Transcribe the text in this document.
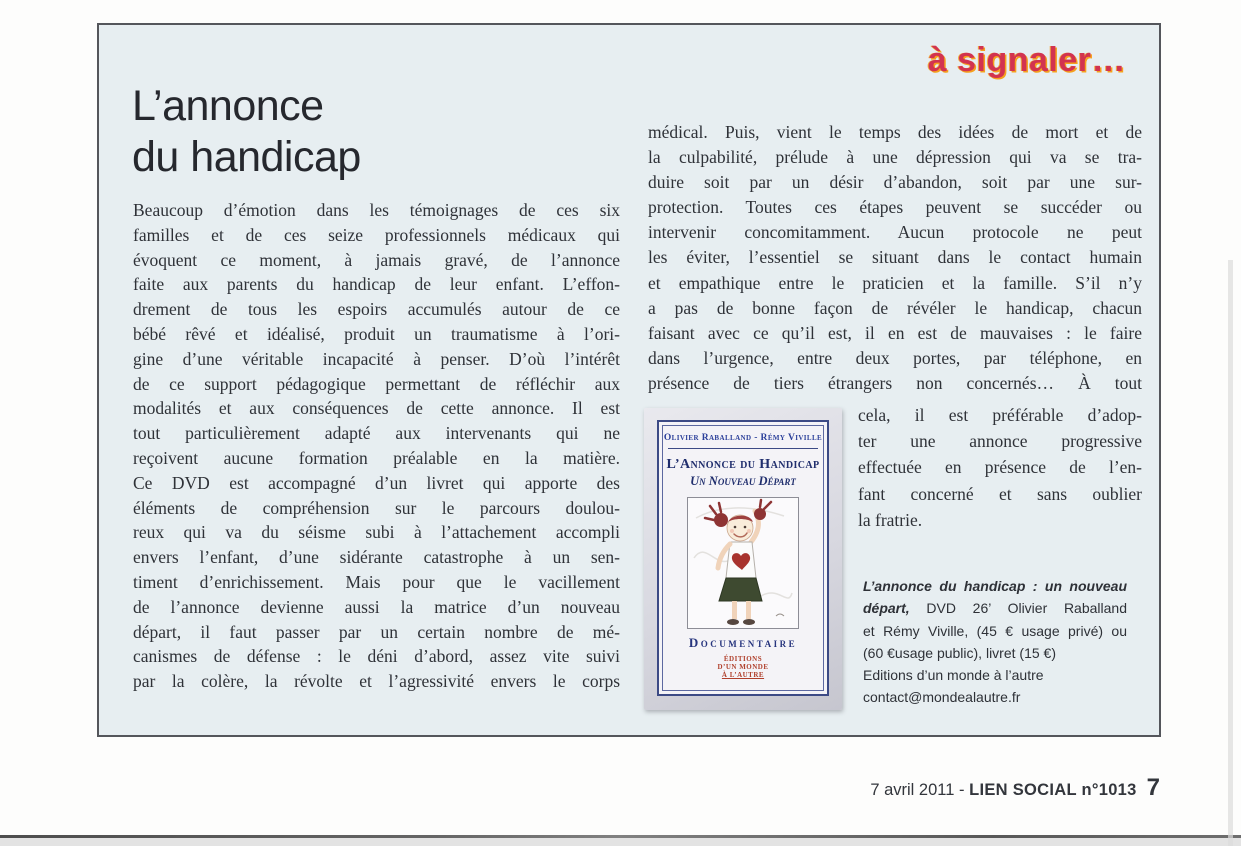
à signaler…
L’annonce
du handicap
Beaucoup d’émotion dans les témoignages de ces six
familles et de ces seize professionnels médicaux qui
évoquent ce moment, à jamais gravé, de l’annonce
faite aux parents du handicap de leur enfant. L’effon-
drement de tous les espoirs accumulés autour de ce
bébé rêvé et idéalisé, produit un traumatisme à l’ori-
gine d’une véritable incapacité à penser. D’où l’intérêt
de ce support pédagogique permettant de réfléchir aux
modalités et aux conséquences de cette annonce. Il est
tout particulièrement adapté aux intervenants qui ne
reçoivent aucune formation préalable en la matière.
Ce DVD est accompagné d’un livret qui apporte des
éléments de compréhension sur le parcours doulou-
reux qui va du séisme subi à l’attachement accompli
envers l’enfant, d’une sidérante catastrophe à un sen-
timent d’enrichissement. Mais pour que le vacillement
de l’annonce devienne aussi la matrice d’un nouveau
départ, il faut passer par un certain nombre de mé-
canismes de défense : le déni d’abord, assez vite suivi
par la colère, la révolte et l’agressivité envers le corps
médical. Puis, vient le temps des idées de mort et de
la culpabilité, prélude à une dépression qui va se tra-
duire soit par un désir d’abandon, soit par une sur-
protection. Toutes ces étapes peuvent se succéder ou
intervenir concomitamment. Aucun protocole ne peut
les éviter, l’essentiel se situant dans le contact humain
et empathique entre le praticien et la famille. S’il n’y
a pas de bonne façon de révéler le handicap, chacun
faisant avec ce qu’il est, il en est de mauvaises : le faire
dans l’urgence, entre deux portes, par téléphone, en
présence de tiers étrangers non concernés… À tout
cela, il est préférable d’adop-
ter une annonce progressive
effectuée en présence de l’en-
fant concerné et sans oublier
la fratrie.
Olivier Raballand - Rémy Viville
L’Annonce du Handicap
Un Nouveau Départ
Documentaire
ÉDITIONS
D’UN MONDE
À L’AUTRE
L’annonce du handicap : un nouveau
départ, DVD 26’ Olivier Raballand
et Rémy Viville, (45 € usage privé) ou
(60 €usage public), livret (15 €)
Editions d’un monde à l’autre
contact@mondealautre.fr
7 avril 2011 - LIEN SOCIAL n°1013 7
